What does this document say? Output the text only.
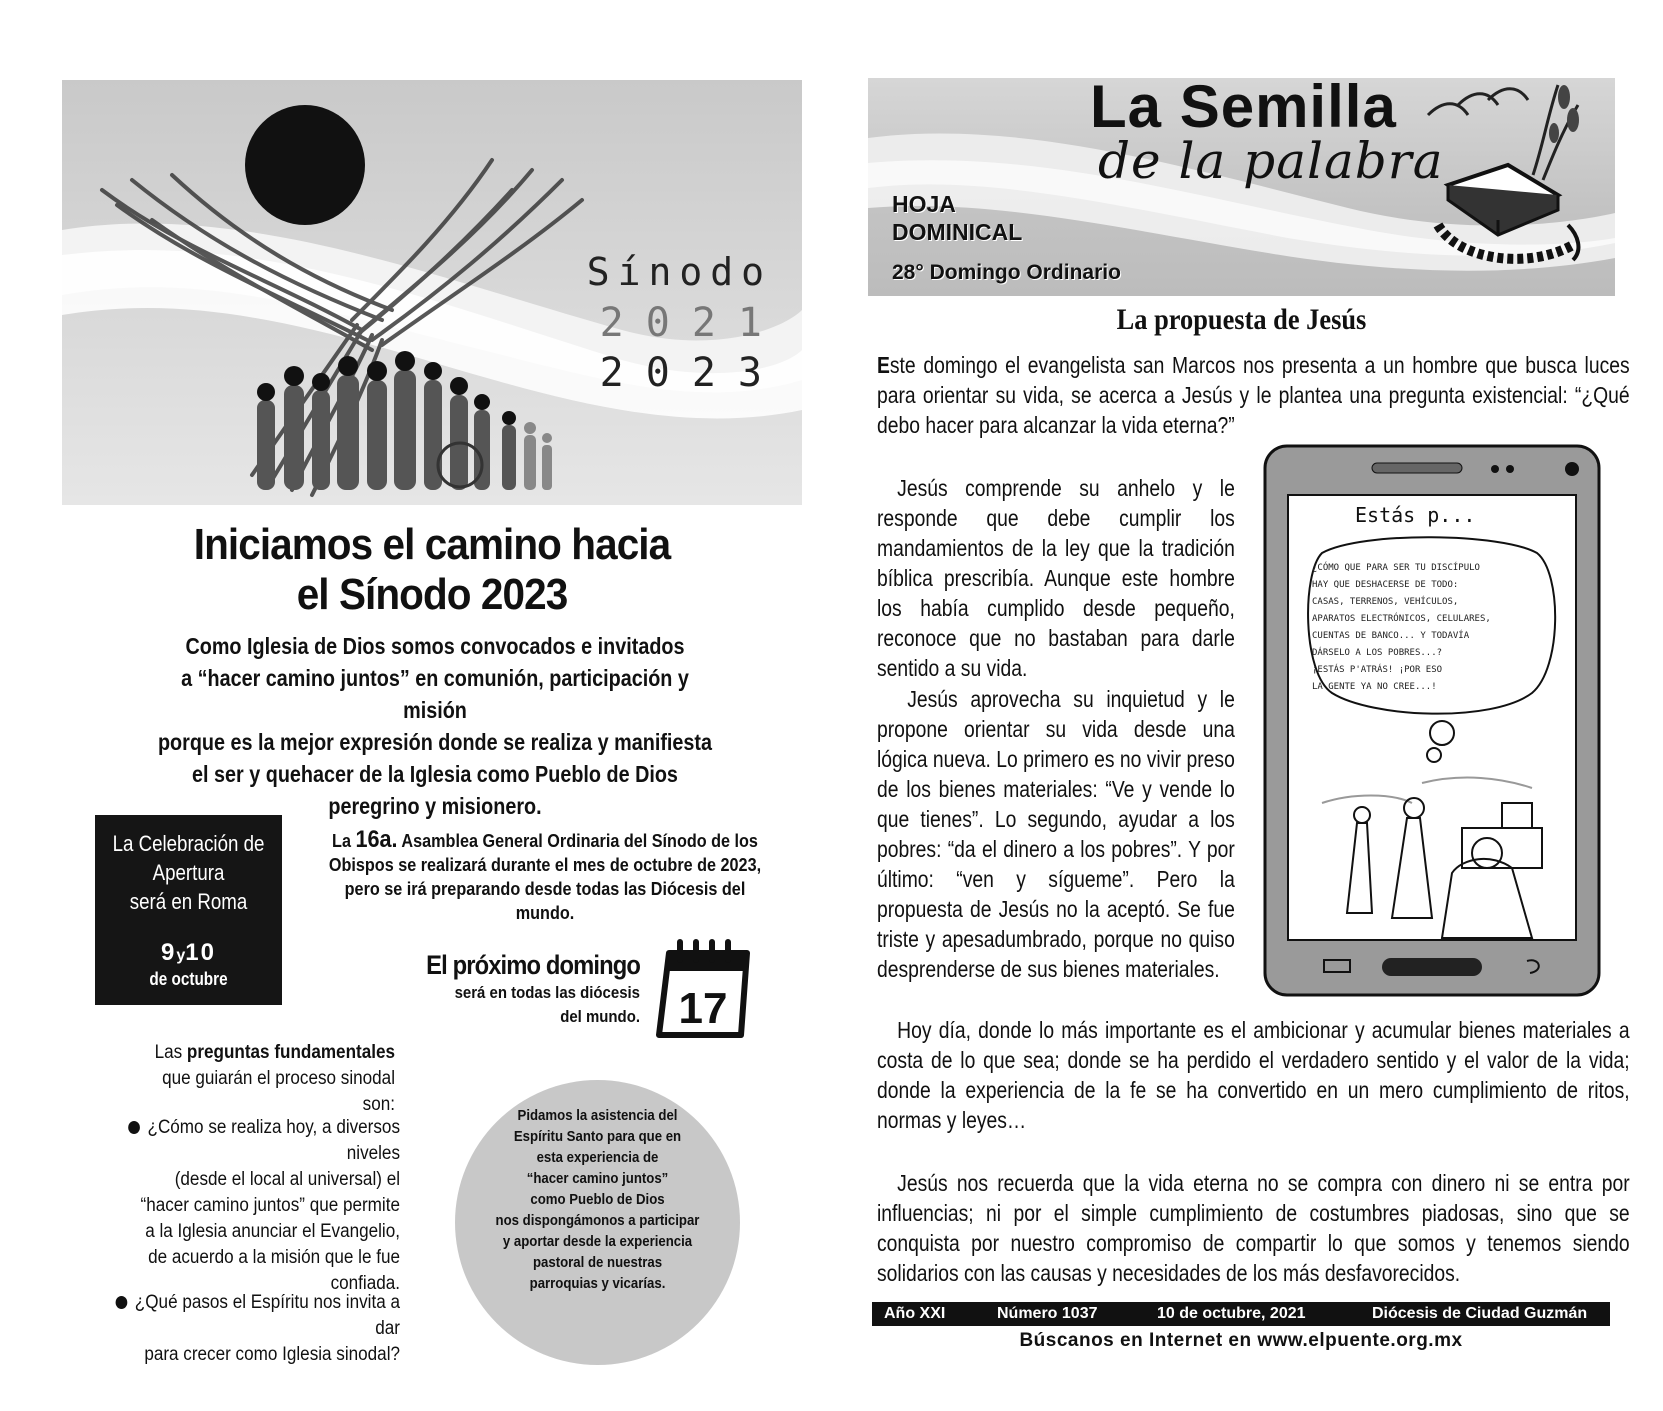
Sínodo
2021
2023
Iniciamos el camino hacia
el Sínodo 2023
Como Iglesia de Dios somos convocados e invitados
a “hacer camino juntos” en comunión, participación y misión
porque es la mejor expresión donde se realiza y manifiesta
el ser y quehacer de la Iglesia como Pueblo de Dios
peregrino y misionero.
La Celebración de
Apertura
será en Roma
9y10
de octubre
La 16a. Asamblea General Ordinaria del Sínodo de los
Obispos se realizará durante el mes de octubre de 2023,
pero se irá preparando desde todas las Diócesis del mundo.
El próximo domingo
será en todas las diócesis
del mundo. 17
Las preguntas fundamentales
que guiarán el proceso sinodal son:
¿Cómo se realiza hoy, a diversos niveles
(desde el local al universal) el
“hacer camino juntos” que permite
a la Iglesia anunciar el Evangelio,
de acuerdo a la misión que le fue confiada.
¿Qué pasos el Espíritu nos invita a dar
para crecer como Iglesia sinodal?
Pidamos la asistencia del
Espíritu Santo para que en
esta experiencia de
“hacer camino juntos”
como Pueblo de Dios
nos dispongámonos a participar
y aportar desde la experiencia
pastoral de nuestras
parroquias y vicarías.
La Semilla
de la palabra
HOJA
DOMINICAL
28° Domingo Ordinario
La propuesta de Jesús
Este domingo el evangelista san Marcos nos presenta a un hombre que busca luces para orientar su vida, se acerca a Jesús y le plantea una pregunta existencial: “¿Qué debo hacer para alcanzar la vida eterna?”
Jesús comprende su anhelo y le responde que debe cumplir los mandamientos de la ley que la tradición bíblica prescribía. Aunque este hombre los había cumplido desde pequeño, reconoce que no bastaban para darle sentido a su vida.
Jesús aprovecha su inquietud y le propone orientar su vida desde una lógica nueva. Lo primero es no vivir preso de los bienes materiales: “Ve y vende lo que tienes”. Lo segundo, ayudar a los pobres: “da el dinero a los pobres”. Y por último: “ven y sígueme”. Pero la propuesta de Jesús no la aceptó. Se fue triste y apesadumbrado, porque no quiso desprenderse de sus bienes materiales.
Estás p...
¿CÓMO QUE PARA SER TU DISCÍPULO
HAY QUE DESHACERSE DE TODO:
CASAS, TERRENOS, VEHÍCULOS,
APARATOS ELECTRÓNICOS, CELULARES,
CUENTAS DE BANCO... Y TODAVÍA
DÁRSELO A LOS POBRES...?
¡ESTÁS P'ATRÁS! ¡POR ESO
LA GENTE YA NO CREE...!
Hoy día, donde lo más importante es el ambicionar y acumular bienes materiales a costa de lo que sea; donde se ha perdido el verdadero sentido y el valor de la vida; donde la experiencia de la fe se ha convertido en un mero cumplimiento de ritos, normas y leyes…
Jesús nos recuerda que la vida eterna no se compra con dinero ni se entra por influencias; ni por el simple cumplimiento de costumbres piadosas, sino que se conquista por nuestro compromiso de compartir lo que somos y tenemos siendo solidarios con las causas y necesidades de los más desfavorecidos.
Año XXI	Número 1037	10 de octubre, 2021	Diócesis de Ciudad Guzmán
Búscanos en Internet en www.elpuente.org.mx
